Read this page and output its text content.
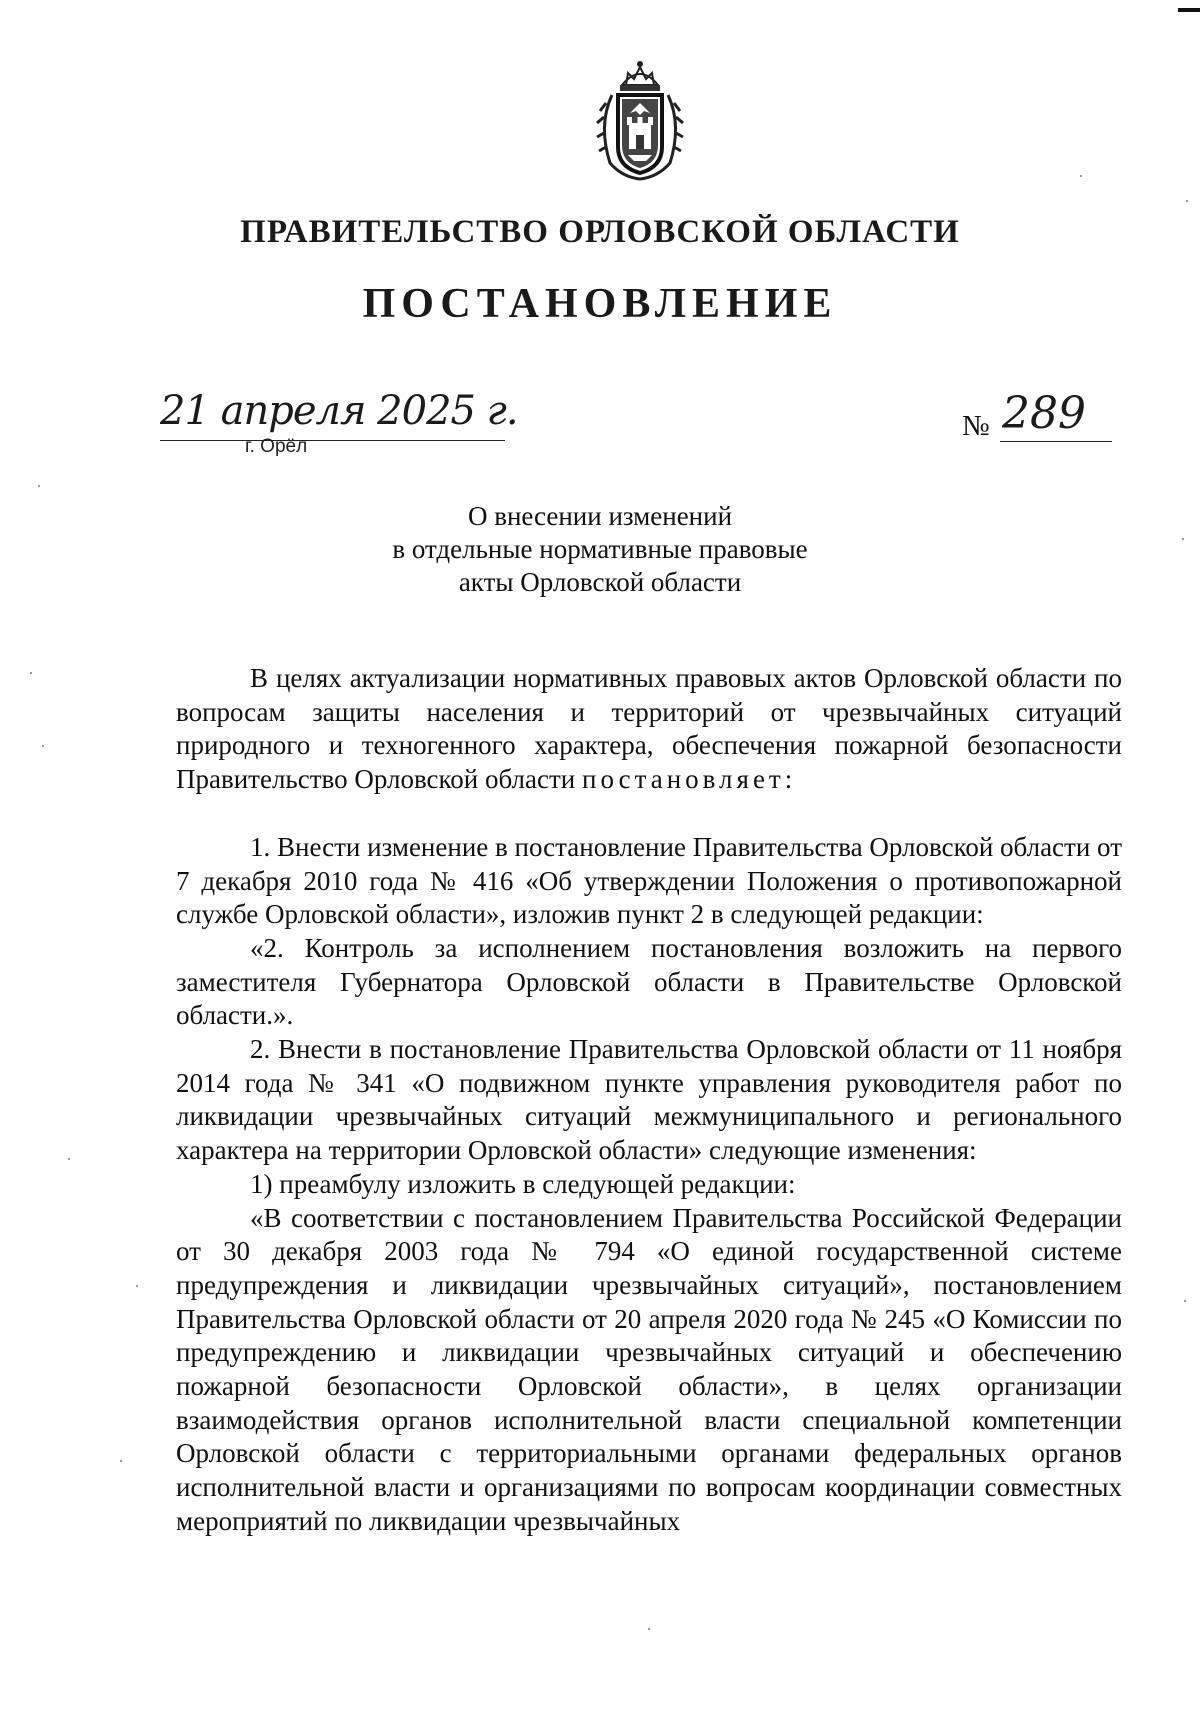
ПРАВИТЕЛЬСТВО ОРЛОВСКОЙ ОБЛАСТИ
ПОСТАНОВЛЕНИЕ
21 апреля 2025 г.
г. Орёл
№ 289
О внесении изменений
в отдельные нормативные правовые
акты Орловской области

В целях актуализации нормативных правовых актов Орловской области по вопросам защиты населения и территорий от чрезвычайных ситуаций природного и техногенного характера, обеспечения пожарной безопасности Правительство Орловской области постановляет:

1. Внести изменение в постановление Правительства Орловской области от 7 декабря 2010 года № 416 «Об утверждении Положения о противопожарной службе Орловской области», изложив пункт 2 в следующей редакции:

«2. Контроль за исполнением постановления возложить на первого заместителя Губернатора Орловской области в Правительстве Орловской области.».

2. Внести в постановление Правительства Орловской области от 11 ноября 2014 года № 341 «О подвижном пункте управления руководителя работ по ликвидации чрезвычайных ситуаций межмуниципального и регионального характера на территории Орловской области» следующие изменения:

1) преамбулу изложить в следующей редакции:

«В соответствии с постановлением Правительства Российской Федерации от 30 декабря 2003 года № 794 «О единой государственной системе предупреждения и ликвидации чрезвычайных ситуаций», постановлением Правительства Орловской области от 20 апреля 2020 года № 245 «О Комиссии по предупреждению и ликвидации чрезвычайных ситуаций и обеспечению пожарной безопасности Орловской области», в целях организации взаимодействия органов исполнительной власти специальной компетенции Орловской области с территориальными органами федеральных органов исполнительной власти и организациями по вопросам координации совместных мероприятий по ликвидации чрезвычайных
